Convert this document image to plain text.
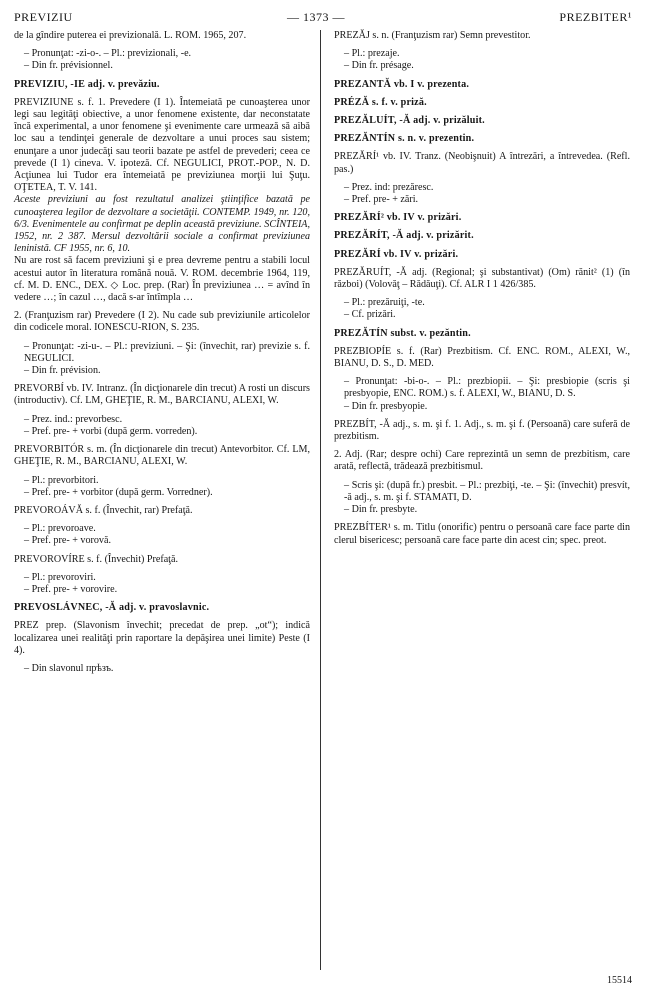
PREVIZIU	— 1373 —	PREZBITER¹
de la gîndire puterea ei previzională. L. ROM. 1965, 207.
– Pronunţat: -zi-o-. – Pl.: previzionali, -e.
– Din fr. prévisionnel.
PREVIZIU, -IE adj. v. prevăziu.
PREVIZIUNE s. f. 1. Prevedere (I 1). Întemeiată pe cunoaşterea unor legi sau legităţi obiective, a unor fenomene existente, dar neconstatate încă experimental, a unor fenomene şi evenimente care urmează să aibă loc sau a tendinţei generale de dezvoltare a unui proces sau sistem; enunţare a unor judecăţi sau teorii bazate pe astfel de prevederi; ceea ce prevede (I 1) cineva. V. ipoteză. Cf. NEGULICI, PROT.-POP., N. D. Acţiunea lui Tudor era întemeiată pe previziunea morţii lui Şuţu. OŢETEA, T. V. 141.
Aceste previziuni au fost rezultatul analizei ştiinţifice bazată pe cunoaşterea legilor de dezvoltare a societăţii. CONTEMP. 1949, nr. 120, 6/3. Evenimentele au confirmat pe deplin această previziune. SCÎNTEIA, 1952, nr. 2 387. Mersul dezvoltării sociale a confirmat previziunea leninistă. CF 1955, nr. 6, 10.
Nu are rost să facem previziuni şi e prea devreme pentru a stabili locul acestui autor în literatura română nouă. V. ROM. decembrie 1964, 119, cf. M. D. ENC., DEX. ◇ Loc. prep. (Rar) În previziunea … = avînd în vedere …; în cazul …, dacă s-ar întîmpla …
2. (Franţuzism rar) Prevedere (I 2). Nu cade sub previziunile articolelor din codicele moral. IONESCU-RION, S. 235.
– Pronunţat: -zi-u-. – Pl.: previziuni. – Şi: (învechit, rar) previzie s. f. NEGULICI.
– Din fr. prévision.
PREVORBÍ vb. IV. Intranz. (În dicţionarele din trecut) A rosti un discurs (introductiv). Cf. LM, GHEŢIE, R. M., BARCIANU, ALEXI, W.
– Prez. ind.: prevorbesc.
– Pref. pre- + vorbi (după germ. vorreden).
PREVORBITÓR s. m. (În dicţionarele din trecut) Antevorbitor. Cf. LM, GHEŢIE, R. M., BARCIANU, ALEXI, W.
– Pl.: prevorbitori.
– Pref. pre- + vorbitor (după germ. Vorredner).
PREVOROÁVĂ s. f. (Învechit, rar) Prefaţă.
– Pl.: prevoroave.
– Pref. pre- + vorovă.
PREVOROVÍRE s. f. (Învechit) Prefaţă.
– Pl.: prevoroviri.
– Pref. pre- + vorovire.
PREVOSLÁVNEC, -Ă adj. v. pravoslavnic.
PREZ prep. (Slavonism învechit; precedat de prep. „ot“); indică localizarea unei realităţi prin raportare la depăşirea unei limite) Peste (I 4).
– Din slavonul прѣзъ.
PREZĂJ s. n. (Franţuzism rar) Semn prevestitor.
– Pl.: prezaje.
– Din fr. présage.
PREZANTĂ vb. I v. prezenta.
PRÉZĂ s. f. v. priză.
PREZĂLUÍT, -Ă adj. v. prizăluit.
PREZĂNTÍN s. n. v. prezentin.
PREZĂRÍ¹ vb. IV. Tranz. (Neobişnuit) A întrezări, a întrevedea. (Refl. pas.)
– Prez. ind: prezăresc.
– Pref. pre- + zări.
PREZĂRÍ² vb. IV v. prizări.
PREZĂRÍT, -Ă adj. v. prizărit.
PREZĂRÍ vb. IV v. prizări.
PREZĂRUÍT, -Ă adj. (Regional; şi substantivat) (Om) rănit² (1) (în război) (Volovăţ – Rădăuţi). Cf. ALR I 1 426/385.
– Pl.: prezăruiţi, -te.
– Cf. prizări.
PREZĂTÍN subst. v. pezăntin.
PREZBIOPÍE s. f. (Rar) Prezbitism. Cf. ENC. ROM., ALEXI, W., BIANU, D. S., D. MED.
– Pronunţat: -bi-o-. – Pl.: prezbiopii. – Şi: presbiopie (scris şi presbyopie, ENC. ROM.) s. f. ALEXI, W., BIANU, D. S.
– Din fr. presbyopie.
PREZBÍT, -Ă adj., s. m. şi f. 1. Adj., s. m. şi f. (Persoană) care suferă de prezbitism.
2. Adj. (Rar; despre ochi) Care reprezintă un semn de prezbitism, care arată, reflectă, trădează prezbitismul.
– Scris şi: (după fr.) presbit. – Pl.: prezbiţi, -te. – Şi: (învechit) presvít, -ă adj., s. m. şi f. STAMATI, D.
– Din fr. presbyte.
PREZBÍTER¹ s. m. Titlu (onorific) pentru o persoană care face parte din clerul bisericesc; persoană care face parte din acest cin; spec. preot.
15514
